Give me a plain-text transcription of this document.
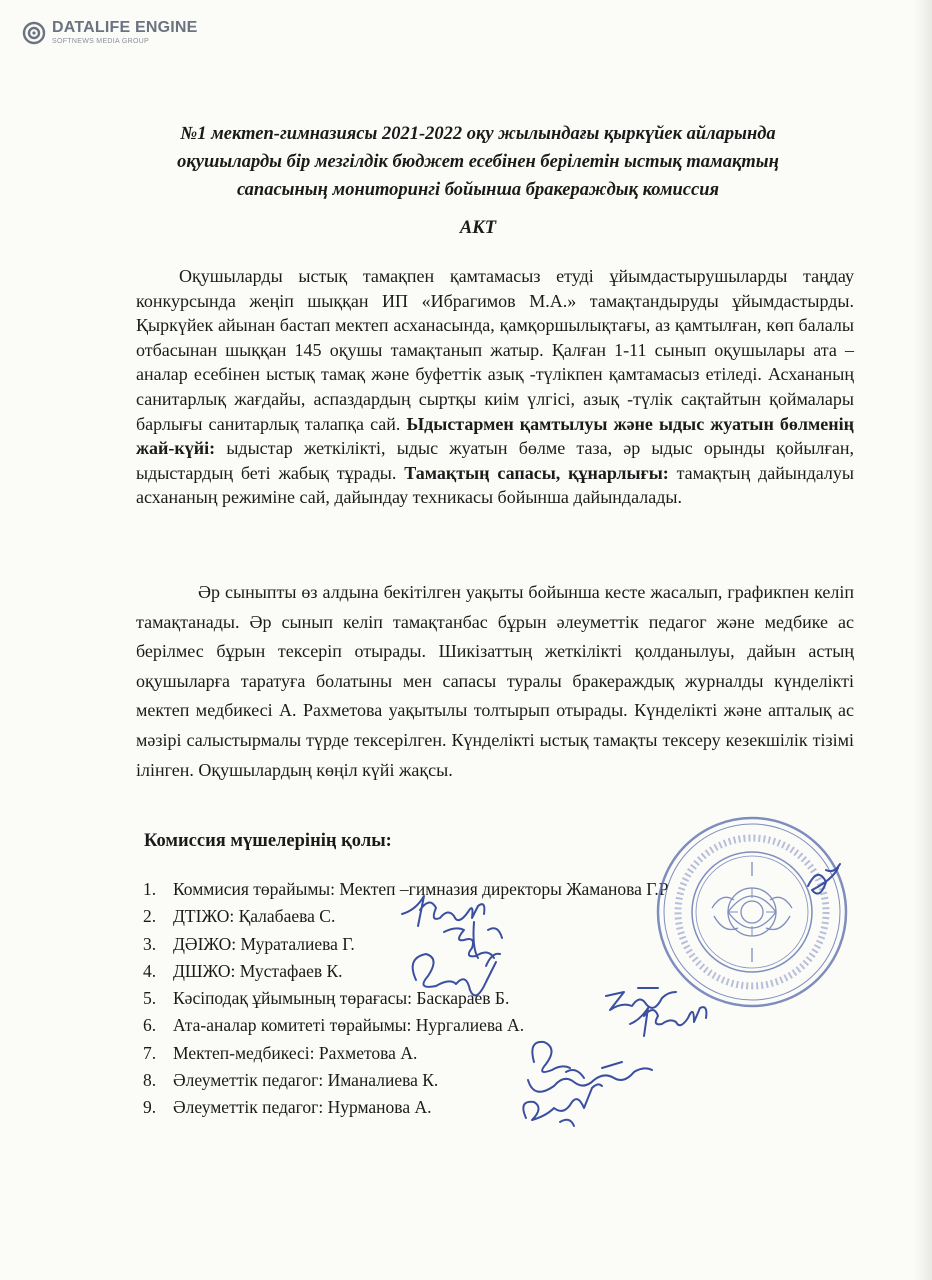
DATALIFE ENGINE
SOFTNEWS MEDIA GROUP
№1 мектеп-гимназиясы 2021-2022 оқу жылындағы қыркүйек айларында
оқушыларды бір мезгілдік бюджет есебінен берілетін ыстық тамақтың
сапасының мониторингі бойынша бракераждық комиссия
АКТ

Оқушыларды ыстық тамақпен қамтамасыз етуді ұйымдастырушыларды таңдау конкурсында жеңіп шыққан ИП «Ибрагимов М.А.» тамақтандыруды ұйымдастырды. Қыркүйек айынан бастап мектеп асханасында, қамқоршылықтағы, аз қамтылған, көп балалы отбасынан шыққан 145 оқушы тамақтанып жатыр. Қалған 1-11 сынып оқушылары ата –аналар есебінен ыстық тамақ және буфеттік азық -түлікпен қамтамасыз етіледі. Асхананың санитарлық жағдайы, аспаздардың сыртқы киім үлгісі, азық -түлік сақтайтын қоймалары барлығы санитарлық талапқа сай. Ыдыстармен қамтылуы және ыдыс жуатын бөлменің жай-күйі: ыдыстар жеткілікті, ыдыс жуатын бөлме таза, әр ыдыс орынды қойылған, ыдыстардың беті жабық тұрады. Тамақтың сапасы, құнарлығы: тамақтың дайындалуы асхананың режиміне сай, дайындау техникасы бойынша дайындалады.

Әр сыныпты өз алдына бекітілген уақыты бойынша кесте жасалып, графикпен келіп тамақтанады. Әр сынып келіп тамақтанбас бұрын әлеуметтік педагог және медбике ас берілмес бұрын тексеріп отырады. Шикізаттың жеткілікті қолданылуы, дайын астың оқушыларға таратуға болатыны мен сапасы туралы бракераждық журналды күнделікті мектеп медбикесі А. Рахметова уақытылы толтырып отырады. Күнделікті және апталық ас мәзірі салыстырмалы түрде тексерілген. Күнделікті ыстық тамақты тексеру кезекшілік тізімі ілінген. Оқушылардың көңіл күйі жақсы.

Комиссия мүшелерінің қолы:
1. Коммисия төрайымы: Мектеп –гимназия директоры Жаманова Г.Р
2. ДТІЖО: Қалабаева С.
3. ДӘІЖО: Мураталиева Г.
4. ДШЖО: Мустафаев К.
5. Кәсіподақ ұйымының төрағасы: Баскараев Б.
6. Ата-аналар комитеті төрайымы: Нургалиева А.
7. Мектеп-медбикесі: Рахметова А.
8. Әлеуметтік педагог: Иманалиева К.
9. Әлеуметтік педагог: Нурманова А.
